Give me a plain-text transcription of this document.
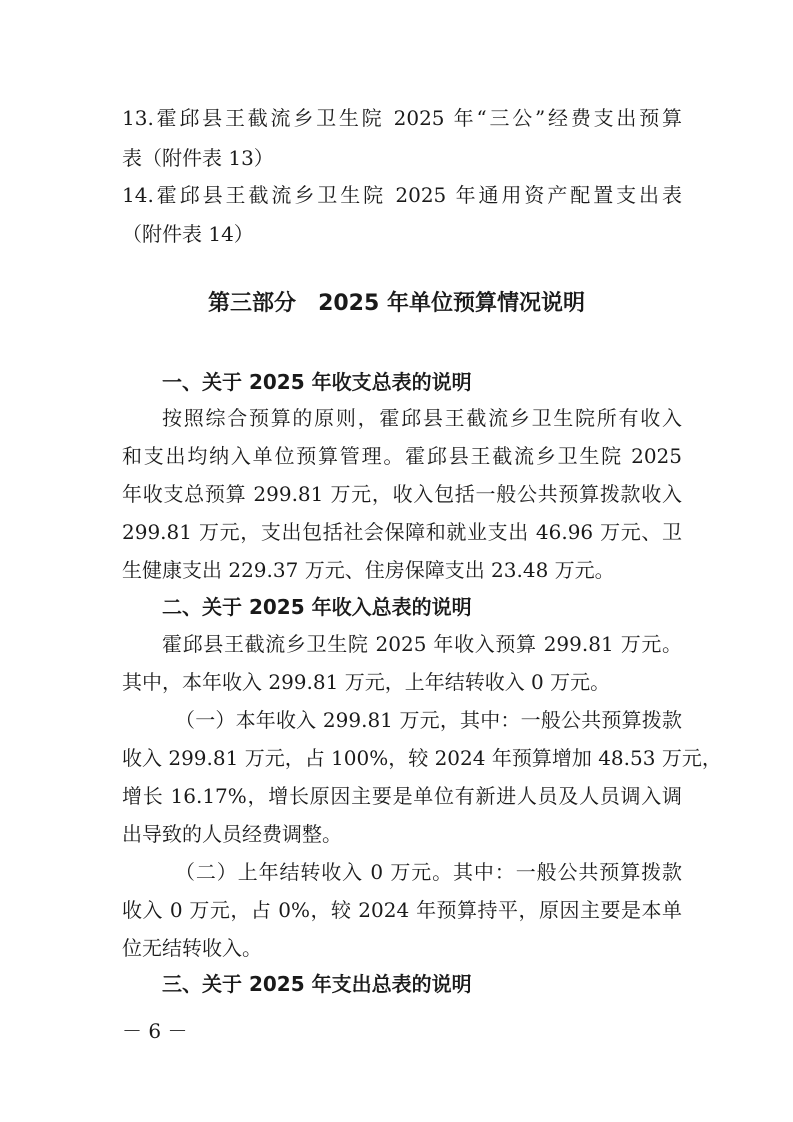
13.霍邱县王截流乡卫生院 2025 年“三公”经费支出预算
表（附件表 13）
14.霍邱县王截流乡卫生院 2025 年通用资产配置支出表
（附件表 14）
第三部分 2025 年单位预算情况说明
一、关于 2025 年收支总表的说明
按照综合预算的原则，霍邱县王截流乡卫生院所有收入
和支出均纳入单位预算管理。霍邱县王截流乡卫生院 2025
年收支总预算 299.81 万元，收入包括一般公共预算拨款收入
299.81 万元，支出包括社会保障和就业支出 46.96 万元、卫
生健康支出 229.37 万元、住房保障支出 23.48 万元。
二、关于 2025 年收入总表的说明
霍邱县王截流乡卫生院 2025 年收入预算 299.81 万元。
其中，本年收入 299.81 万元，上年结转收入 0 万元。
（一）本年收入 299.81 万元，其中：一般公共预算拨款
收入 299.81 万元，占 100%，较 2024 年预算增加 48.53 万元，
增长 16.17%，增长原因主要是单位有新进人员及人员调入调
出导致的人员经费调整。
（二）上年结转收入 0 万元。其中：一般公共预算拨款
收入 0 万元，占 0%，较 2024 年预算持平，原因主要是本单
位无结转收入。
三、关于 2025 年支出总表的说明
－ 6 －
